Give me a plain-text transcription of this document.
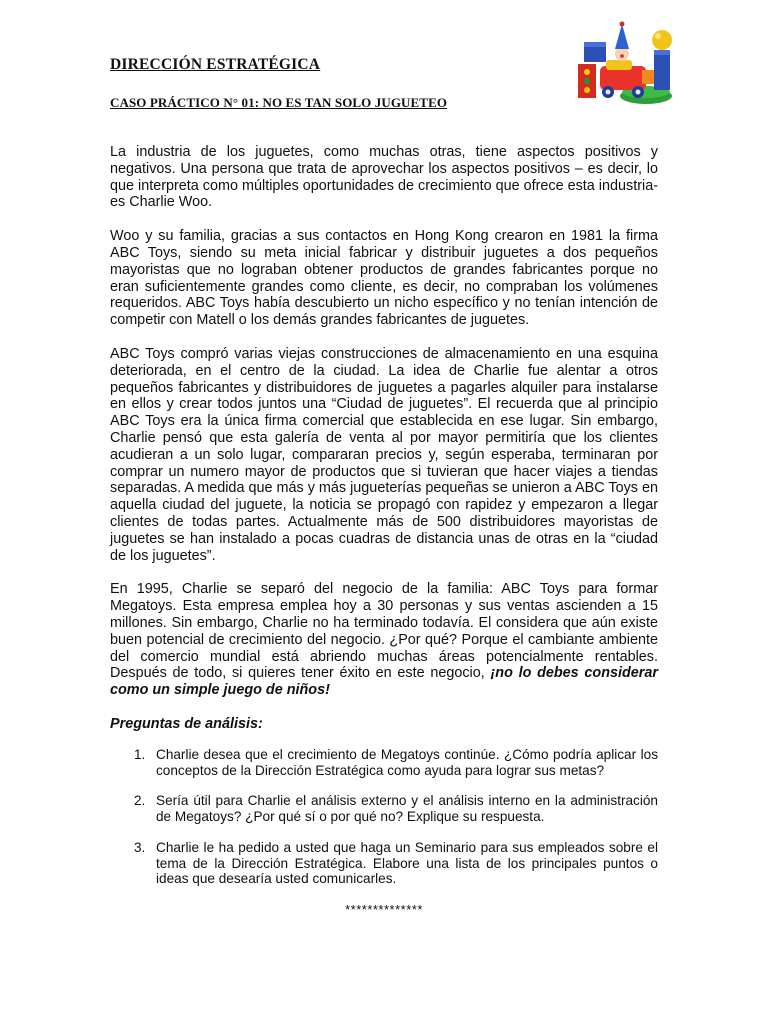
DIRECCIÓN ESTRATÉGICA
CASO PRÁCTICO N° 01: NO ES TAN SOLO JUGUETEO

La industria de los juguetes, como muchas otras, tiene aspectos positivos y negativos. Una persona que trata de aprovechar los aspectos positivos – es decir, lo que interpreta como múltiples oportunidades de crecimiento que ofrece esta industria- es Charlie Woo.

Woo y su familia, gracias a sus contactos en Hong Kong crearon en 1981 la firma ABC Toys, siendo su meta inicial fabricar y distribuir juguetes a dos pequeños mayoristas que no lograban obtener productos de grandes fabricantes porque no eran suficientemente grandes como cliente, es decir, no compraban los volúmenes requeridos. ABC Toys había descubierto un nicho específico y no tenían intención de competir con Matell o los demás grandes fabricantes de juguetes.

ABC Toys compró varias viejas construcciones de almacenamiento en una esquina deteriorada, en el centro de la ciudad. La idea de Charlie fue alentar a otros pequeños fabricantes y distribuidores de juguetes a pagarles alquiler para instalarse en ellos y crear todos juntos una “Ciudad de juguetes”. El recuerda que al principio ABC Toys era la única firma comercial que establecida en ese lugar. Sin embargo, Charlie pensó que esta galería de venta al por mayor permitiría que los clientes acudieran a un solo lugar, compararan precios y, según esperaba, terminaran por comprar un numero mayor de productos que si tuvieran que hacer viajes a tiendas separadas. A medida que más y más jugueterías pequeñas se unieron a ABC Toys en aquella ciudad del juguete, la noticia se propagó con rapidez y empezaron a llegar clientes de todas partes. Actualmente más de 500 distribuidores mayoristas de juguetes se han instalado a pocas cuadras de distancia unas de otras en la “ciudad de los juguetes”.

En 1995, Charlie se separó del negocio de la familia: ABC Toys para formar Megatoys. Esta empresa emplea hoy a 30 personas y sus ventas ascienden a 15 millones. Sin embargo, Charlie no ha terminado todavía. El considera que aún existe buen potencial de crecimiento del negocio. ¿Por qué? Porque el cambiante ambiente del comercio mundial está abriendo muchas áreas potencialmente rentables. Después de todo, si quieres tener éxito en este negocio, ¡no lo debes considerar como un simple juego de niños!

Preguntas de análisis:
1. Charlie desea que el crecimiento de Megatoys continúe. ¿Cómo podría aplicar los conceptos de la Dirección Estratégica como ayuda para lograr sus metas?
2. Sería útil para Charlie el análisis externo y el análisis interno en la administración de Megatoys? ¿Por qué sí o por qué no? Explique su respuesta.
3. Charlie le ha pedido a usted que haga un Seminario para sus empleados sobre el tema de la Dirección Estratégica. Elabore una lista de los principales puntos o ideas que desearía usted comunicarles.
**************
